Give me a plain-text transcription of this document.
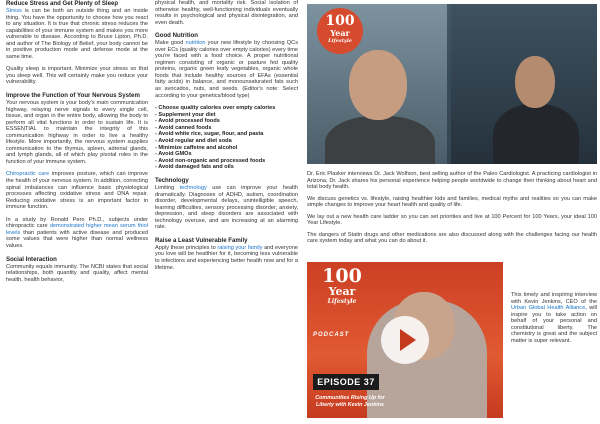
Reduce Stress and Get Plenty of Sleep

Stress is can be both an outside thing and an inside thing. You have the opportunity to choose how you react to any situation. It is true that chronic stress reduces the capabilities of your immune system and makes you more vulnerable to disease. According to Bruce Lipton, Ph.D. and author of The Biology of Belief, your body cannot be in positive production mode and defense mode at the same time.

Quality sleep is important. Minimize your stress so that you sleep well. This will certainly make you reduce your vulnerability.

Improve the Function of Your Nervous System

Your nervous system is your body's main communication highway, relaying nerve signals to every single cell, tissue, and organ in the entire body, allowing the body to perform all vital functions in order to sustain life. It is ESSENTIAL to maintain the integrity of this communication highway in order to live a healthy lifestyle. More importantly, the nervous system supplies communication to the thymus, spleen, adrenal glands, and lymph glands, all of which play pivotal roles in the function of your immune system.

Chiropractic care improves posture, which can improve the health of your nervous system. In addition, correcting spinal imbalances can influence basic physiological processes affecting oxidative stress and DNA repair. Reducing oxidative stress is an important factor in immune function.

In a study by Ronald Pero Ph.D., subjects under chiropractic care demonstrated higher mean serum thiol levels than patients with active disease and produced some values that were higher than normal wellness values.

Social Interaction

Community equals immunity. The NCBI states that social relationships, both quantity and quality, affect mental health, health behavior,

physical health, and mortality risk. Social isolation of otherwise healthy, well-functioning individuals eventually results in psychological and physical disintegration, and even death.

Good Nutrition

Make good nutrition your new lifestyle by choosing QCs over ECs (quality calories over empty calories) every time you're faced with a food choice. A proper nutritional regimen consisting of organic or pasture fed quality proteins, organic green leafy vegetables, organic whole foods that include healthy sources of EFAs (essential fatty acids) in balance, and monounsaturated fats such as avocados, nuts, and seeds. (Editor's note: Select according to your genetics/blood type)

- Choose quality calories over empty calories
- Supplement your diet
- Avoid processed foods
- Avoid canned foods
- Avoid white rice, sugar, flour, and pasta
- Avoid regular and diet soda
- Minimize caffeine and alcohol
- Avoid GMOs
- Avoid non-organic and processed foods
- Avoid damaged fats and oils
Technology

Limiting technology use can improve your health dramatically. Diagnoses of ADHD, autism, coordination disorder, developmental delays, unintelligible speech, learning difficulties, sensory processing disorder, anxiety, depression, and sleep disorders are associated with technology overuse, and are increasing at an alarming rate.

Raise a Least Vulnerable Family

Apply these principles to raising your family and everyone you love will be healthier for it, becoming less vulnerable to infections and experiencing better health now and for a lifetime.

100
Year
Lifestyle

Dr. Eric Plasker interviews Dr. Jack Wolfson, best selling author of the Paleo Cardiologist. A practicing cardiologist in Arizona, Dr. Jack shares his personal experience helping people worldwide to change their thinking about heart and total body health.

We discuss genetics vs. lifestyle, raising healthier kids and families, medical myths and realities so you can make simple changes to improve your heart health and quality of life.

We lay out a new health care ladder so you can set priorities and live at 100 Percent for 100 Years, your ideal 100 Year Lifestyle.

The dangers of Statin drugs and other medications are also discussed along with the challenges facing our health care system today and what you can do about it.

100
Year
Lifestyle
PODCAST
EPISODE 37
Communities Rising Up for Liberty with Kevin Jenkins
This timely and inspiring interview with Kevin Jenkins, CEO of the Urban Global Health Alliance, will inspire you to take action on behalf of your personal and constitutional liberty. The chemistry is great and the subject matter is super relevant.
